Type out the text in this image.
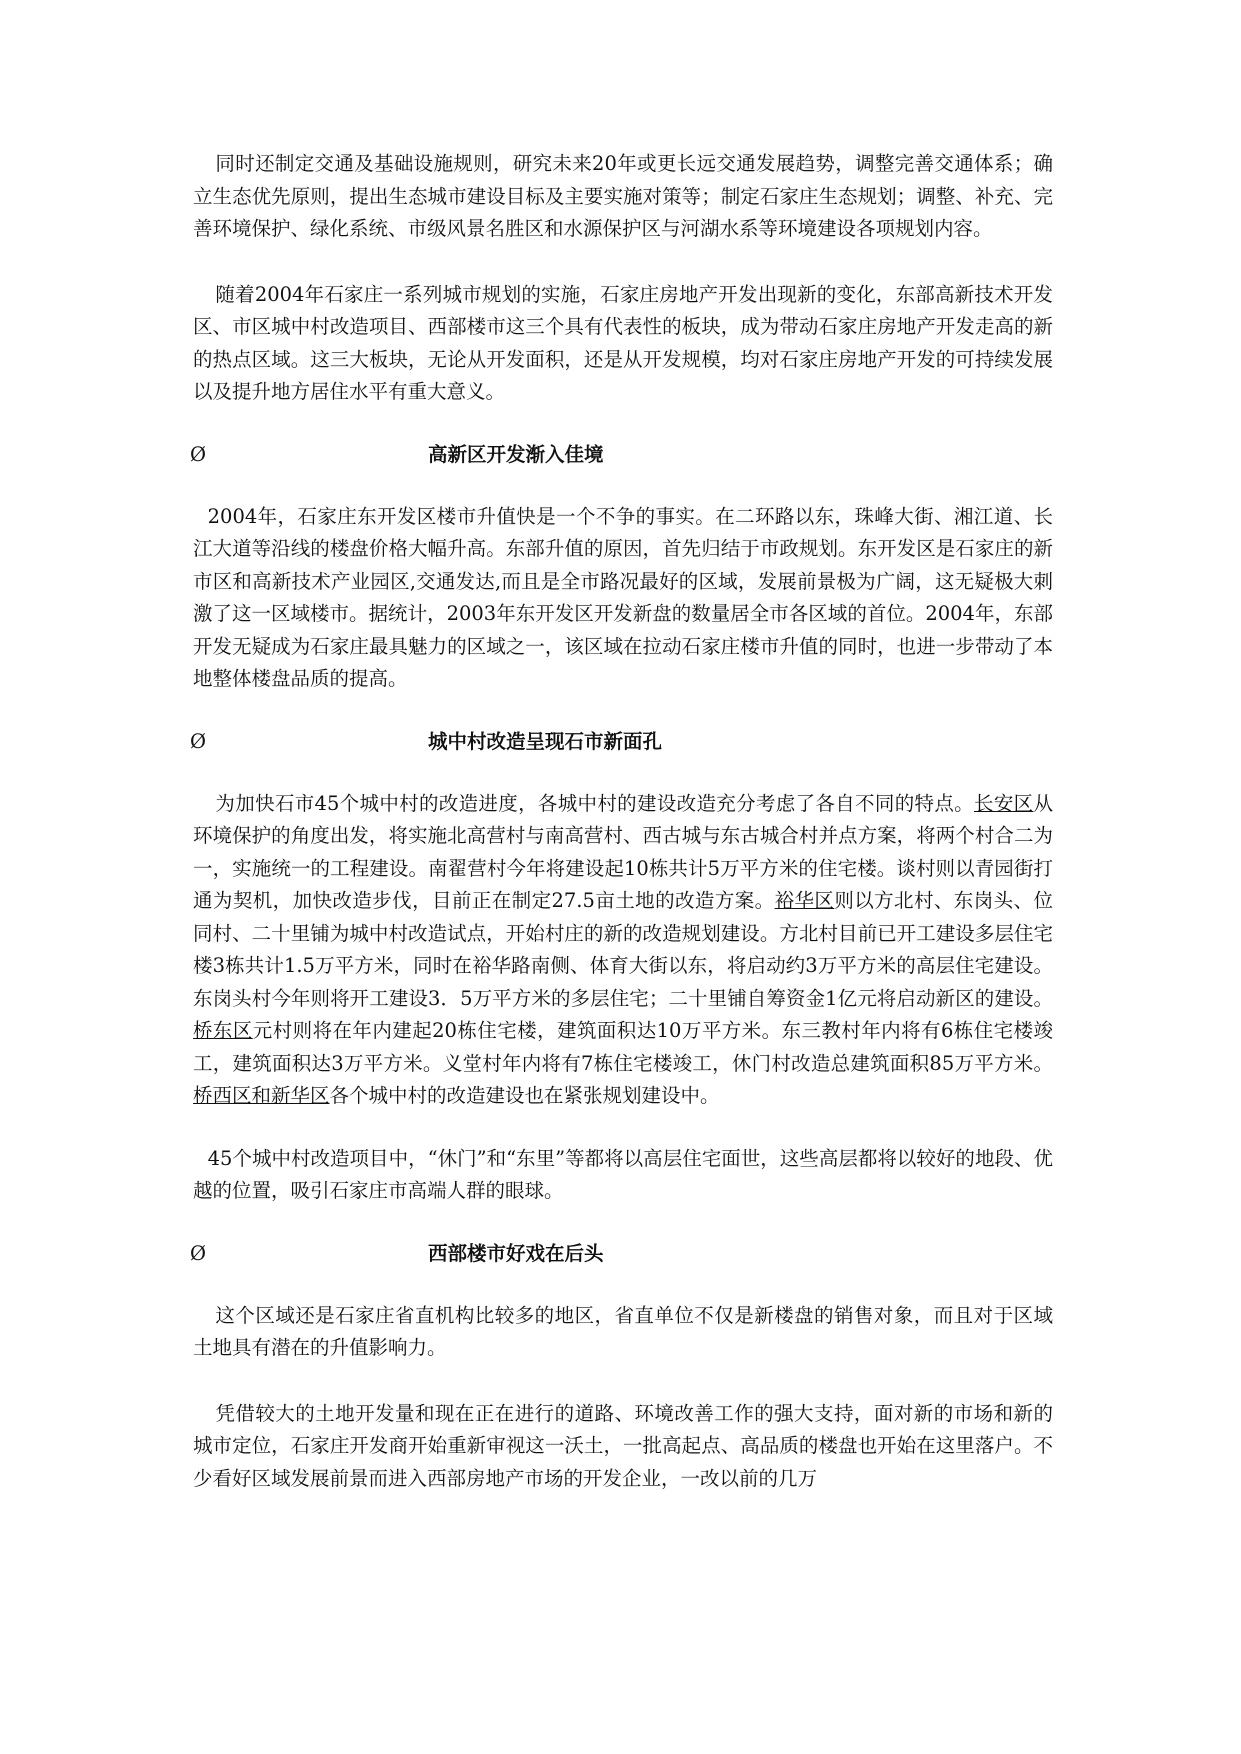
同时还制定交通及基础设施规则，研究未来20年或更长远交通发展趋势，调整完善交通体系；确立生态优先原则，提出生态城市建设目标及主要实施对策等；制定石家庄生态规划；调整、补充、完善环境保护、绿化系统、市级风景名胜区和水源保护区与河湖水系等环境建设各项规划内容。

随着2004年石家庄一系列城市规划的实施，石家庄房地产开发出现新的变化，东部高新技术开发区、市区城中村改造项目、西部楼市这三个具有代表性的板块，成为带动石家庄房地产开发走高的新的热点区域。这三大板块，无论从开发面积，还是从开发规模，均对石家庄房地产开发的可持续发展以及提升地方居住水平有重大意义。

Ø	高新区开发渐入佳境

2004年，石家庄东开发区楼市升值快是一个不争的事实。在二环路以东，珠峰大街、湘江道、长江大道等沿线的楼盘价格大幅升高。东部升值的原因，首先归结于市政规划。东开发区是石家庄的新市区和高新技术产业园区,交通发达,而且是全市路况最好的区域，发展前景极为广阔，这无疑极大刺激了这一区域楼市。据统计，2003年东开发区开发新盘的数量居全市各区域的首位。2004年，东部开发无疑成为石家庄最具魅力的区域之一，该区域在拉动石家庄楼市升值的同时，也进一步带动了本地整体楼盘品质的提高。

Ø	城中村改造呈现石市新面孔

为加快石市45个城中村的改造进度，各城中村的建设改造充分考虑了各自不同的特点。长安区从环境保护的角度出发，将实施北高营村与南高营村、西古城与东古城合村并点方案，将两个村合二为一，实施统一的工程建设。南翟营村今年将建设起10栋共计5万平方米的住宅楼。谈村则以青园街打通为契机，加快改造步伐，目前正在制定27.5亩土地的改造方案。裕华区则以方北村、东岗头、位同村、二十里铺为城中村改造试点，开始村庄的新的改造规划建设。方北村目前已开工建设多层住宅楼3栋共计1.5万平方米，同时在裕华路南侧、体育大街以东，将启动约3万平方米的高层住宅建设。东岗头村今年则将开工建设3．5万平方米的多层住宅；二十里铺自筹资金1亿元将启动新区的建设。桥东区元村则将在年内建起20栋住宅楼，建筑面积达10万平方米。东三教村年内将有6栋住宅楼竣工，建筑面积达3万平方米。义堂村年内将有7栋住宅楼竣工，休门村改造总建筑面积85万平方米。桥西区和新华区各个城中村的改造建设也在紧张规划建设中。

45个城中村改造项目中，“休门”和“东里”等都将以高层住宅面世，这些高层都将以较好的地段、优越的位置，吸引石家庄市高端人群的眼球。

Ø	西部楼市好戏在后头

这个区域还是石家庄省直机构比较多的地区，省直单位不仅是新楼盘的销售对象，而且对于区域土地具有潜在的升值影响力。

凭借较大的土地开发量和现在正在进行的道路、环境改善工作的强大支持，面对新的市场和新的城市定位，石家庄开发商开始重新审视这一沃土，一批高起点、高品质的楼盘也开始在这里落户。不少看好区域发展前景而进入西部房地产市场的开发企业，一改以前的几万
